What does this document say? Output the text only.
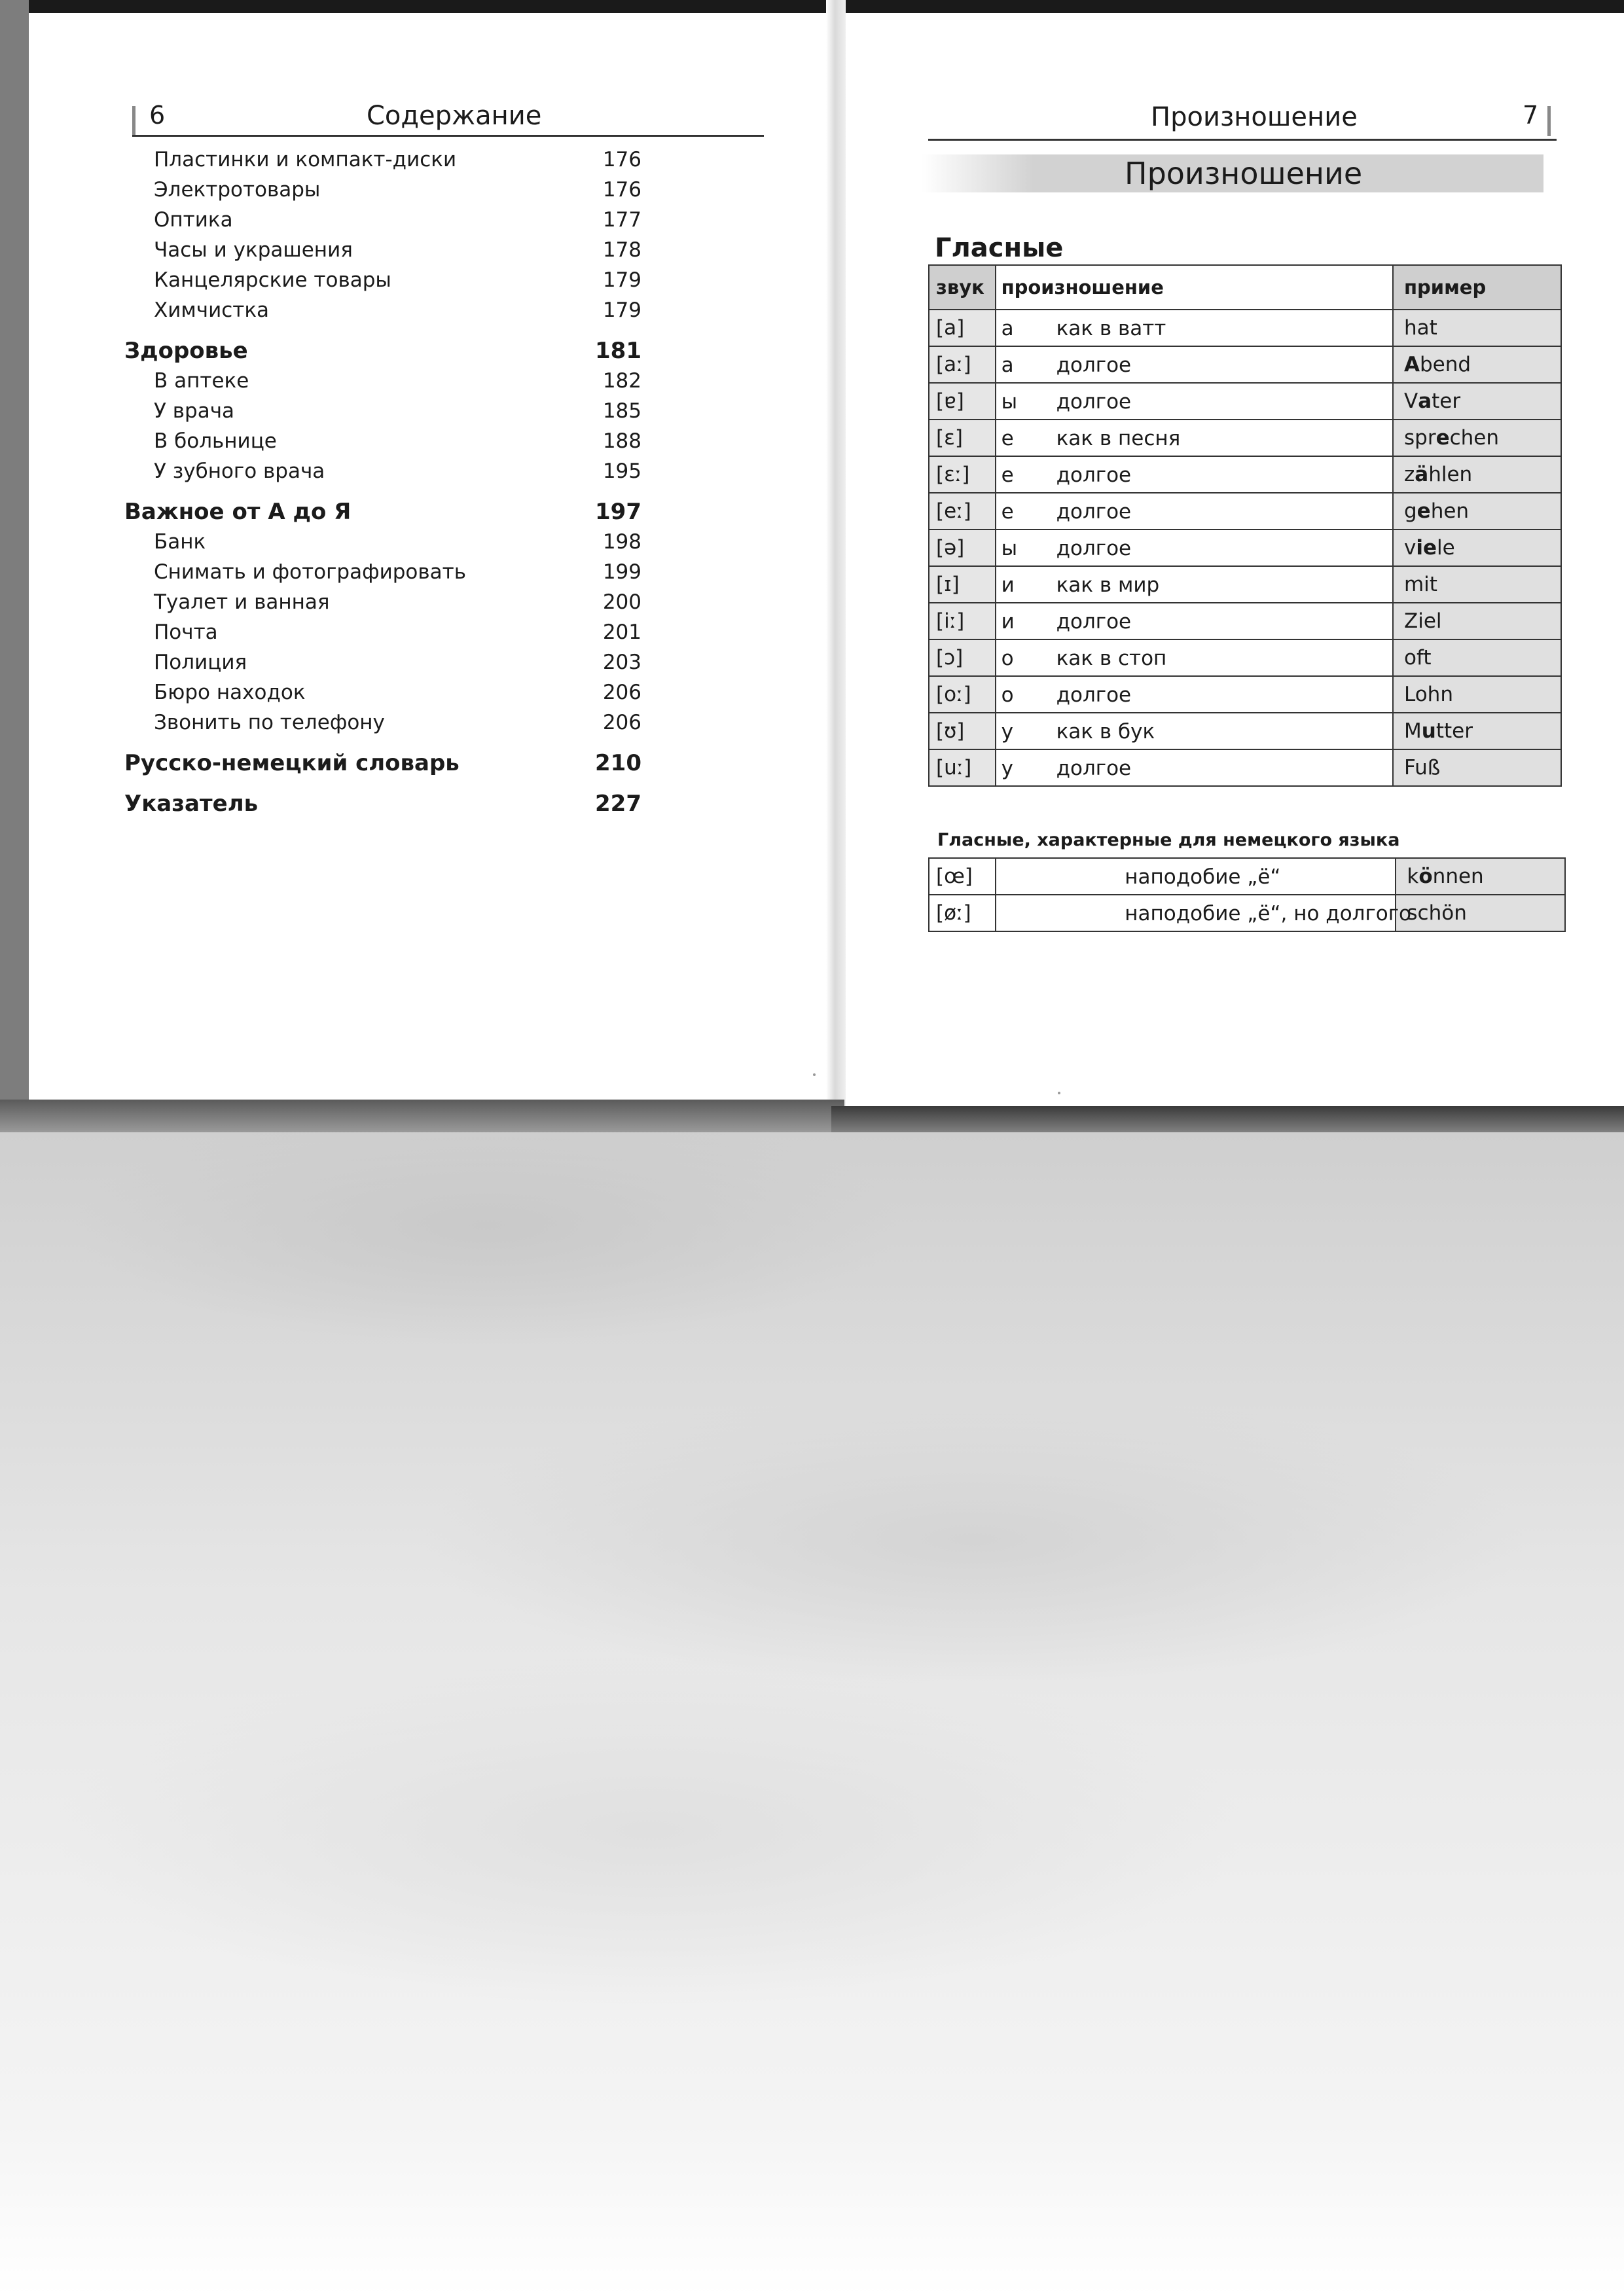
6	Содержание
Пластинки и компакт-диски	176
Электротовары	176
Оптика	177
Часы и украшения	178
Канцелярские товары	179
Химчистка	179
Здоровье	181
В аптеке	182
У врача	185
В больнице	188
У зубного врача	195
Важное от А до Я	197
Банк	198
Снимать и фотографировать	199
Туалет и ванная	200
Почта	201
Полиция	203
Бюро находок	206
Звонить по телефону	206
Русско-немецкий словарь	210
Указатель	227
Произношение	7
Произношение
Гласные
звук	произношение	пример
[a]	а как в ватт	hat
[aː]	а долгое	Abend
[ɐ]	ы долгое	Vater
[ɛ]	е как в песня	sprechen
[ɛː]	е долгое	zählen
[eː]	е долгое	gehen
[ə]	ы долгое	viele
[ɪ]	и как в мир	mit
[iː]	и долгое	Ziel
[ɔ]	о как в стоп	oft
[oː]	о долгое	Lohn
[ʊ]	у как в бук	Mutter
[uː]	у долгое	Fuß
Гласные, характерные для немецкого языка
[œ]	наподобие „ё“	können
[øː]	наподобие „ё“, но долгого	schön
